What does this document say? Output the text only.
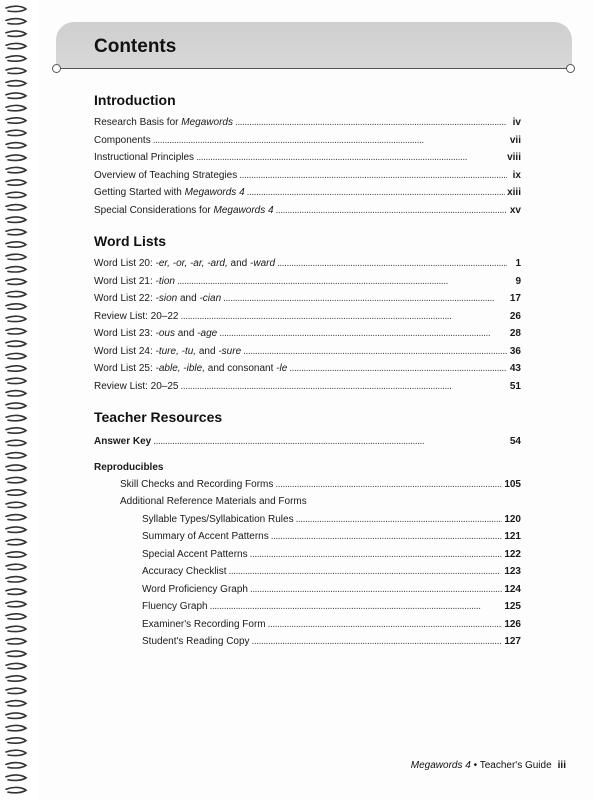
Contents
Introduction
Research Basis for Megawords . . .	iv
Components . . .	vii
Instructional Principles . . .	viii
Overview of Teaching Strategies . . .	ix
Getting Started with Megawords 4 . . .	xiii
Special Considerations for Megawords 4 . . .	xv
Word Lists
Word List 20: -er, -or, -ar, -ard, and -ward . . .	1
Word List 21: -tion . . .	9
Word List 22: -sion and -cian . . .	17
Review List: 20–22 . . .	26
Word List 23: -ous and -age . . .	28
Word List 24: -ture, -tu, and -sure . . .	36
Word List 25: -able, -ible, and consonant -le . . .	43
Review List: 20–25 . . .	51
Teacher Resources
Answer Key . . .	54
Reproducibles
Skill Checks and Recording Forms . . .	105
Additional Reference Materials and Forms
Syllable Types/Syllabication Rules . . .	120
Summary of Accent Patterns . . .	121
Special Accent Patterns . . .	122
Accuracy Checklist . . .	123
Word Proficiency Graph . . .	124
Fluency Graph . . .	125
Examiner's Recording Form . . .	126
Student's Reading Copy . . .	127
Megawords 4 • Teacher's Guide iii
